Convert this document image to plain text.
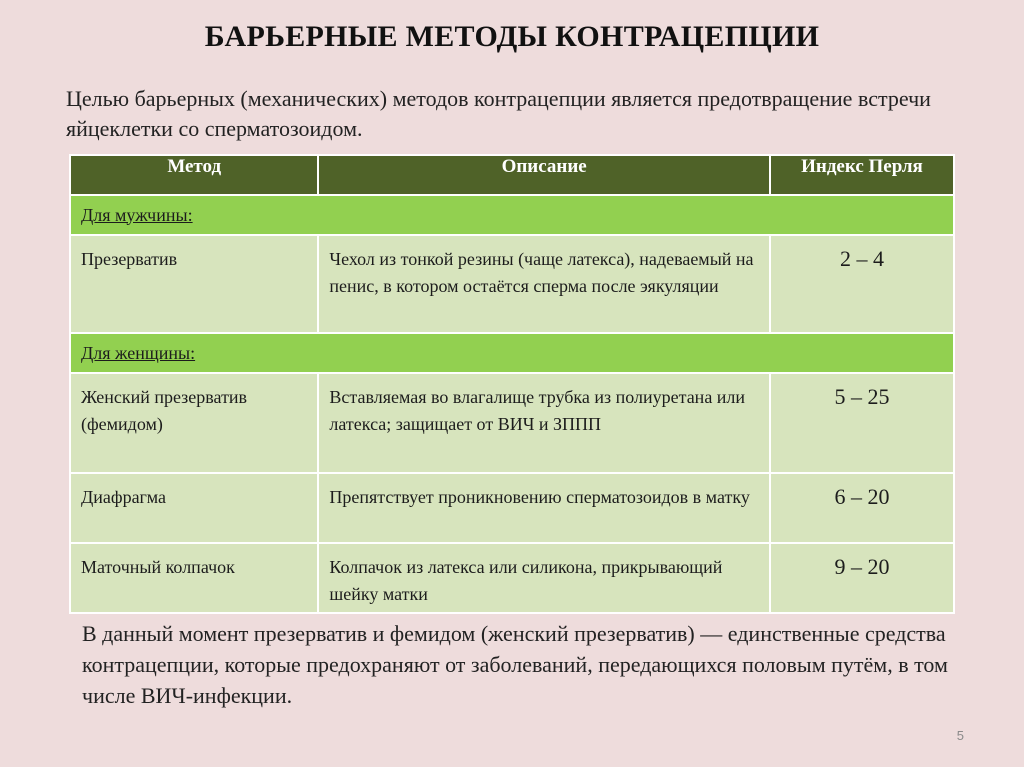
БАРЬЕРНЫЕ МЕТОДЫ КОНТРАЦЕПЦИИ
Целью барьерных (механических) методов контрацепции является предотвращение встречи яйцеклетки со сперматозоидом.
Метод	Описание	Индекс Перля
Для мужчины:		
Презерватив	Чехол из тонкой резины (чаще латекса), надеваемый на пенис, в котором остаётся сперма после эякуляции	2 – 4
Для женщины:		
Женский презерватив (фемидом)	Вставляемая во влагалище трубка из полиуретана или латекса; защищает от ВИЧ и ЗППП	5 – 25
Диафрагма	Препятствует проникновению сперматозоидов в матку	6 – 20
Маточный колпачок	Колпачок из латекса или силикона, прикрывающий шейку матки	9 – 20
В данный момент презерватив и фемидом (женский презерватив) — единственные средства контрацепции, которые предохраняют от заболеваний, передающихся половым путём, в том числе ВИЧ-инфекции.
5
